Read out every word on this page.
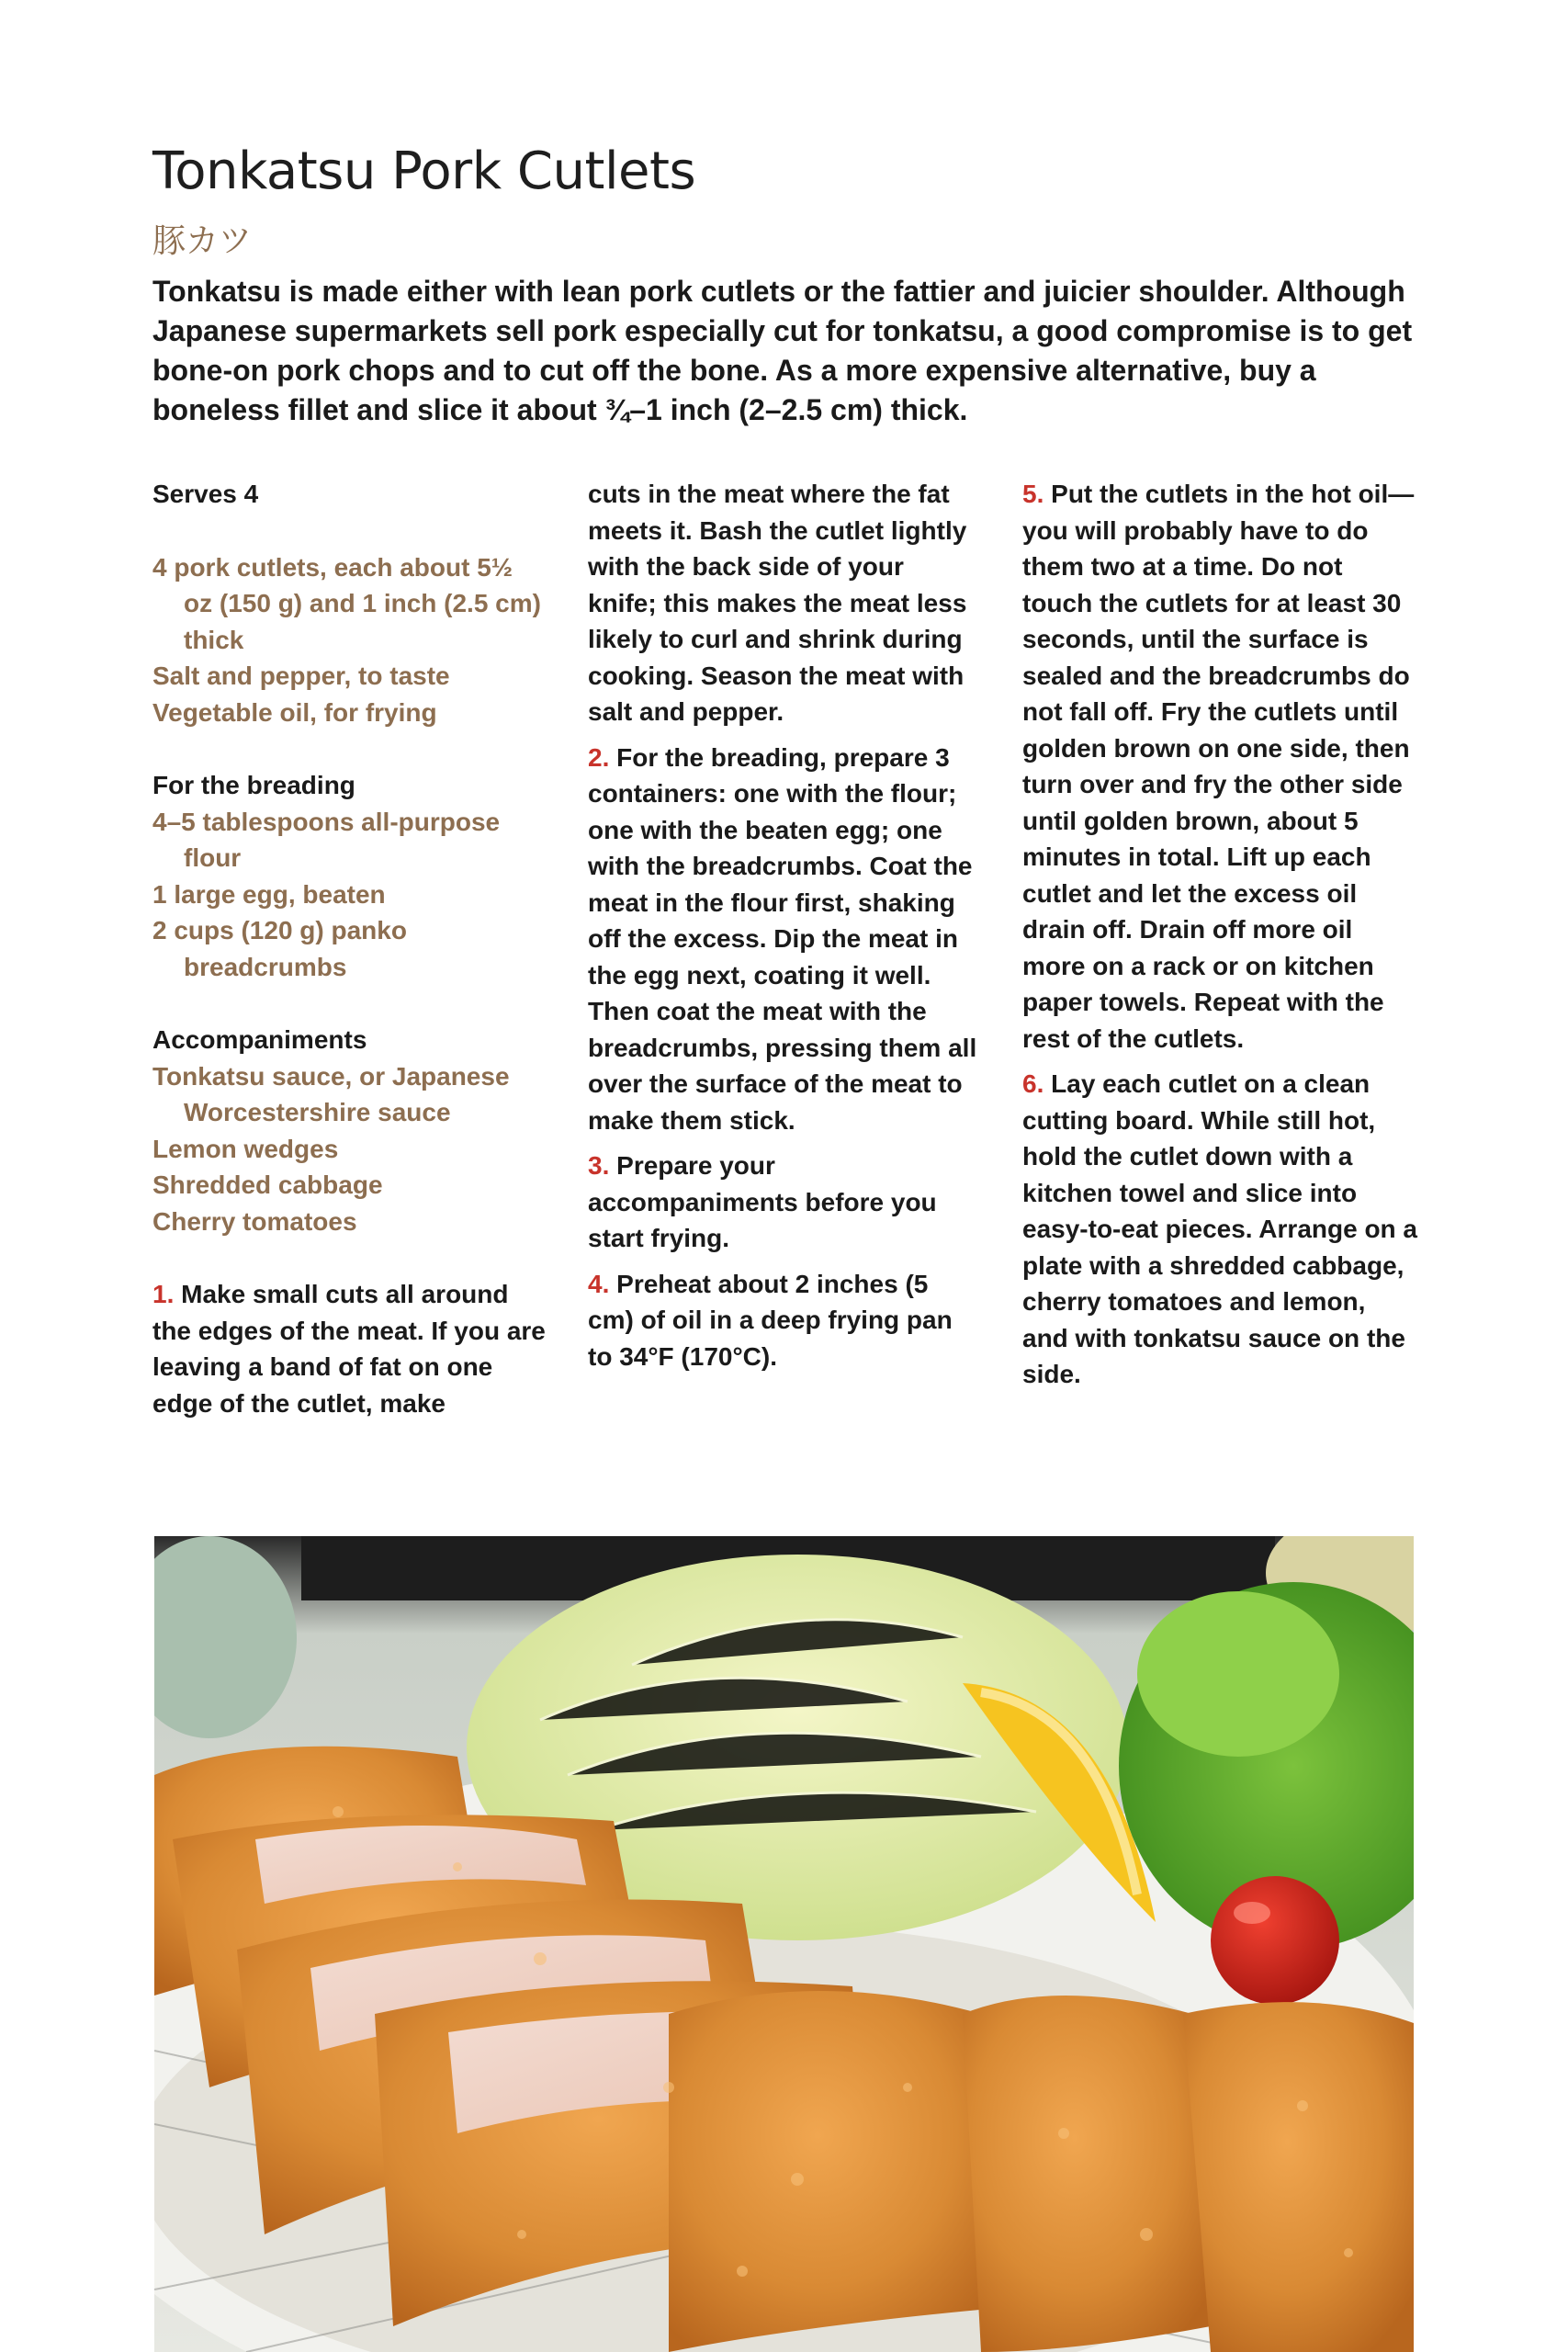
Tonkatsu Pork Cutlets
豚カツ
Tonkatsu is made either with lean pork cutlets or the fattier and juicier shoulder. Although Japanese supermarkets sell pork especially cut for tonkatsu, a good compromise is to get bone-on pork chops and to cut off the bone. As a more expensive alternative, buy a boneless fillet and slice it about ¾–1 inch (2–2.5 cm) thick.
Serves 4
4 pork cutlets, each about 5½ oz (150 g) and 1 inch (2.5 cm) thick
Salt and pepper, to taste
Vegetable oil, for frying
For the breading
4–5 tablespoons all-purpose flour
1 large egg, beaten
2 cups (120 g) panko breadcrumbs
Accompaniments
Tonkatsu sauce, or Japanese Worcestershire sauce
Lemon wedges
Shredded cabbage
Cherry tomatoes

1. Make small cuts all around the edges of the meat. If you are leaving a band of fat on one edge of the cutlet, make

cuts in the meat where the fat meets it. Bash the cutlet lightly with the back side of your knife; this makes the meat less likely to curl and shrink during cooking. Season the meat with salt and pepper.

2. For the breading, prepare 3 containers: one with the flour; one with the beaten egg; one with the breadcrumbs. Coat the meat in the flour first, shaking off the excess. Dip the meat in the egg next, coating it well. Then coat the meat with the breadcrumbs, pressing them all over the surface of the meat to make them stick.

3. Prepare your accompaniments before you start frying.

4. Preheat about 2 inches (5 cm) of oil in a deep frying pan to 34°F (170°C).

5. Put the cutlets in the hot oil—you will probably have to do them two at a time. Do not touch the cutlets for at least 30 seconds, until the surface is sealed and the breadcrumbs do not fall off. Fry the cutlets until golden brown on one side, then turn over and fry the other side until golden brown, about 5 minutes in total. Lift up each cutlet and let the excess oil drain off. Drain off more oil more on a rack or on kitchen paper towels. Repeat with the rest of the cutlets.

6. Lay each cutlet on a clean cutting board. While still hot, hold the cutlet down with a kitchen towel and slice into easy-to-eat pieces. Arrange on a plate with a shredded cabbage, cherry tomatoes and lemon, and with tonkatsu sauce on the side.
